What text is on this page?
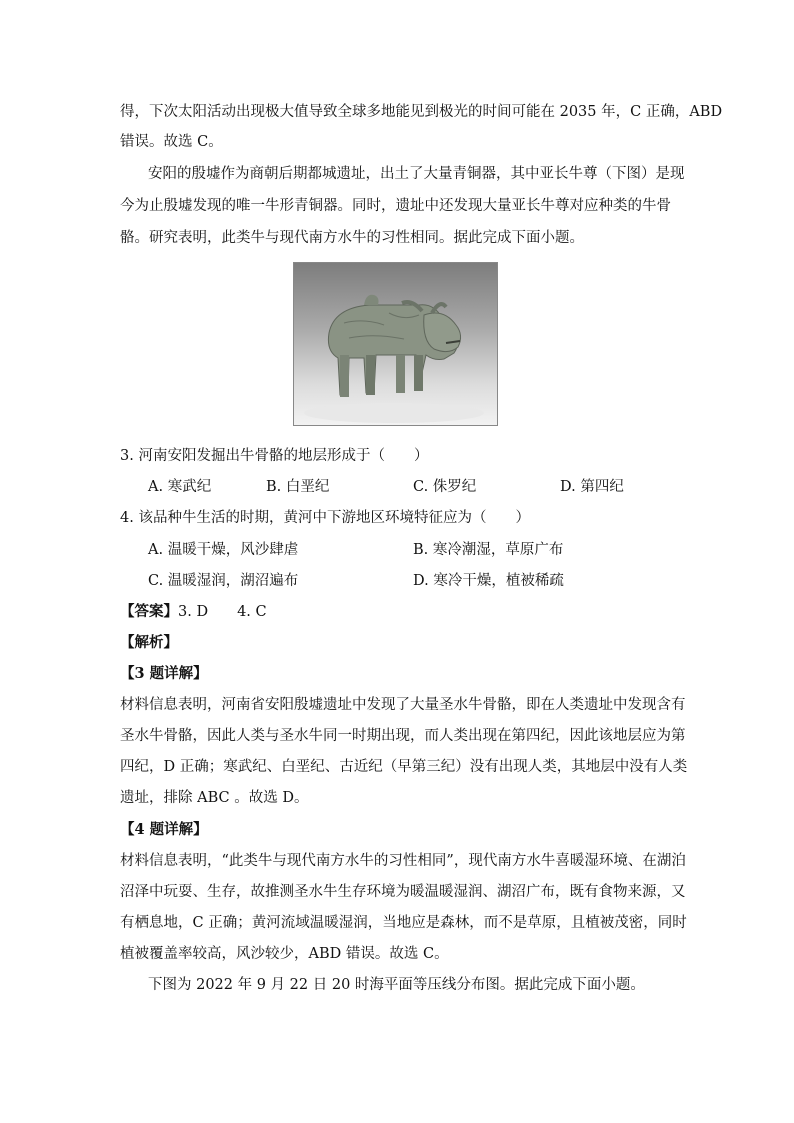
得，下次太阳活动出现极大值导致全球多地能见到极光的时间可能在 2035 年，C 正确，ABD
错误。故选 C。
安阳的殷墟作为商朝后期都城遗址，出土了大量青铜器，其中亚长牛尊（下图）是现
今为止殷墟发现的唯一牛形青铜器。同时，遗址中还发现大量亚长牛尊对应种类的牛骨
骼。研究表明，此类牛与现代南方水牛的习性相同。据此完成下面小题。
3. 河南安阳发掘出牛骨骼的地层形成于（　　）
A. 寒武纪	B. 白垩纪	C. 侏罗纪	D. 第四纪
4. 该品种牛生活的时期，黄河中下游地区环境特征应为（　　）
A. 温暖干燥，风沙肆虐	B. 寒冷潮湿，草原广布
C. 温暖湿润，湖沼遍布	D. 寒冷干燥，植被稀疏
【答案】3. D　　4. C
【解析】
【3 题详解】
材料信息表明，河南省安阳殷墟遗址中发现了大量圣水牛骨骼，即在人类遗址中发现含有
圣水牛骨骼，因此人类与圣水牛同一时期出现，而人类出现在第四纪，因此该地层应为第
四纪，D 正确；寒武纪、白垩纪、古近纪（早第三纪）没有出现人类，其地层中没有人类
遗址，排除 ABC 。故选 D。
【4 题详解】
材料信息表明，“此类牛与现代南方水牛的习性相同”，现代南方水牛喜暖湿环境、在湖泊
沼泽中玩耍、生存，故推测圣水牛生存环境为暖温暖湿润、湖沼广布，既有食物来源，又
有栖息地，C 正确；黄河流域温暖湿润，当地应是森林，而不是草原，且植被茂密，同时
植被覆盖率较高，风沙较少，ABD 错误。故选 C。
下图为 2022 年 9 月 22 日 20 时海平面等压线分布图。据此完成下面小题。
